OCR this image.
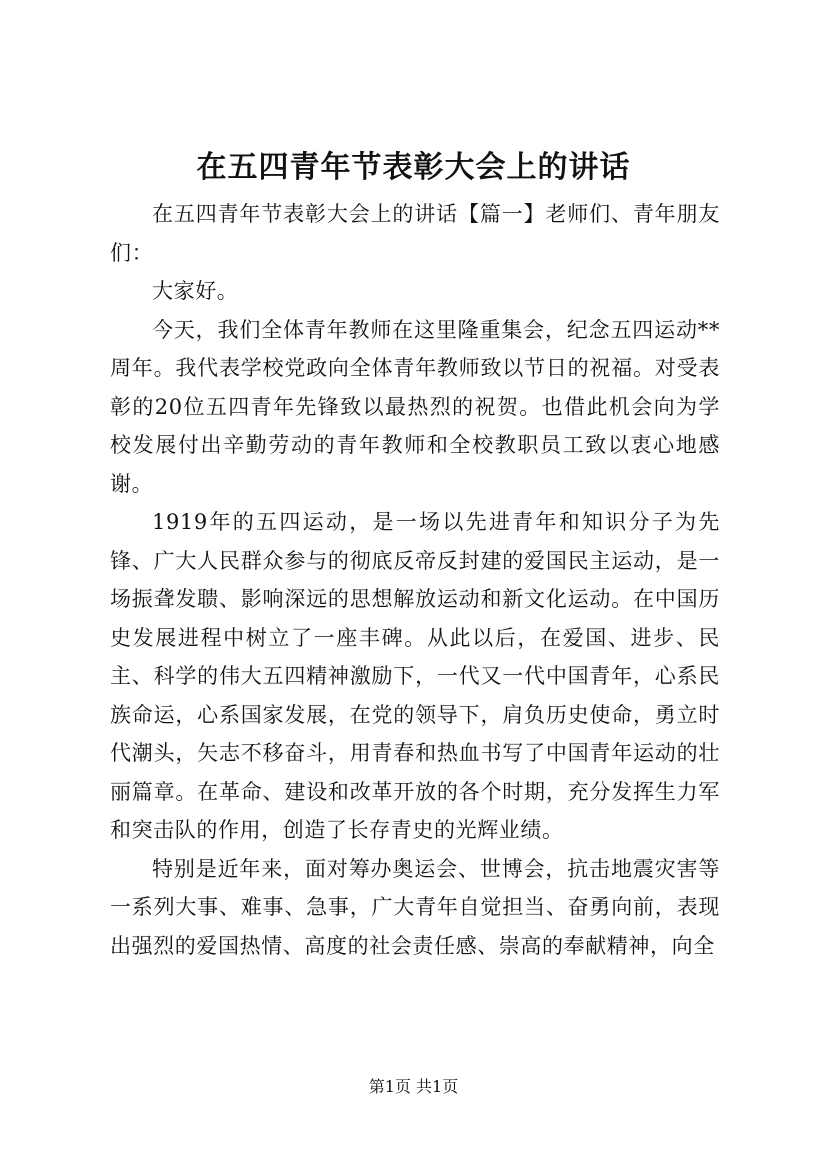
在五四青年节表彰大会上的讲话

在五四青年节表彰大会上的讲话【篇一】老师们、青年朋友们：

大家好。

今天，我们全体青年教师在这里隆重集会，纪念五四运动**周年。我代表学校党政向全体青年教师致以节日的祝福。对受表彰的20位五四青年先锋致以最热烈的祝贺。也借此机会向为学校发展付出辛勤劳动的青年教师和全校教职员工致以衷心地感谢。

1919年的五四运动，是一场以先进青年和知识分子为先锋、广大人民群众参与的彻底反帝反封建的爱国民主运动，是一场振聋发聩、影响深远的思想解放运动和新文化运动。在中国历史发展进程中树立了一座丰碑。从此以后，在爱国、进步、民主、科学的伟大五四精神激励下，一代又一代中国青年，心系民族命运，心系国家发展，在党的领导下，肩负历史使命，勇立时代潮头，矢志不移奋斗，用青春和热血书写了中国青年运动的壮丽篇章。在革命、建设和改革开放的各个时期，充分发挥生力军和突击队的作用，创造了长存青史的光辉业绩。

特别是近年来，面对筹办奥运会、世博会，抗击地震灾害等一系列大事、难事、急事，广大青年自觉担当、奋勇向前，表现出强烈的爱国热情、高度的社会责任感、崇高的奉献精神，向全

第1页 共1页
